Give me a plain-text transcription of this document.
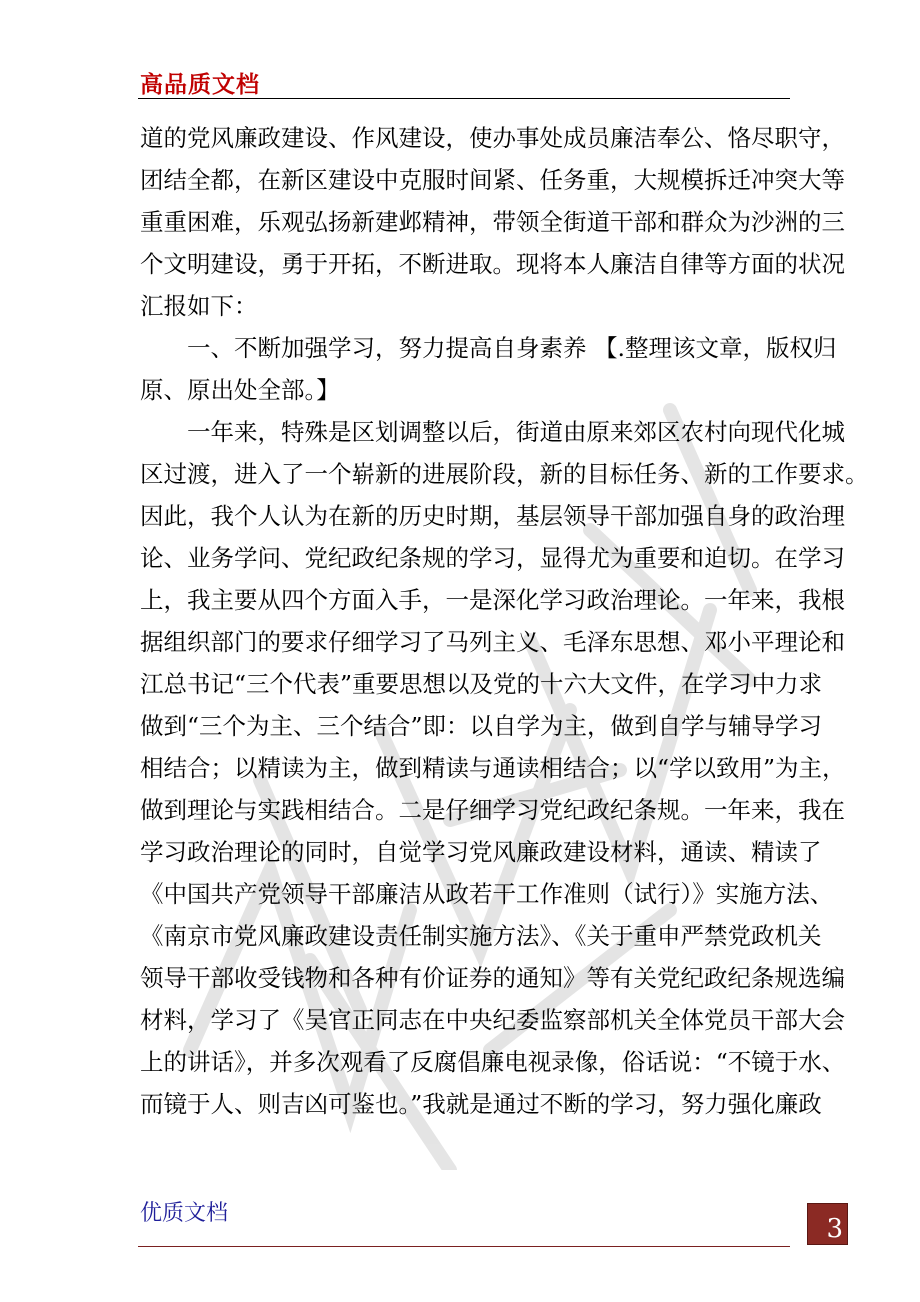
高品质文档
道的党风廉政建设、作风建设，使办事处成员廉洁奉公、恪尽职守，
团结全都，在新区建设中克服时间紧、任务重，大规模拆迁冲突大等
重重困难，乐观弘扬新建邺精神，带领全街道干部和群众为沙洲的三
个文明建设，勇于开拓，不断进取。现将本人廉洁自律等方面的状况
汇报如下：
一、不断加强学习，努力提高自身素养 【.整理该文章，版权归
原、原出处全部。】
一年来，特殊是区划调整以后，街道由原来郊区农村向现代化城
区过渡，进入了一个崭新的进展阶段，新的目标任务、新的工作要求。
因此，我个人认为在新的历史时期，基层领导干部加强自身的政治理
论、业务学问、党纪政纪条规的学习，显得尤为重要和迫切。在学习
上，我主要从四个方面入手，一是深化学习政治理论。一年来，我根
据组织部门的要求仔细学习了马列主义、毛泽东思想、邓小平理论和
江总书记“三个代表”重要思想以及党的十六大文件，在学习中力求
做到“三个为主、三个结合”即：以自学为主，做到自学与辅导学习
相结合；以精读为主，做到精读与通读相结合；以“学以致用”为主，
做到理论与实践相结合。二是仔细学习党纪政纪条规。一年来，我在
学习政治理论的同时，自觉学习党风廉政建设材料，通读、精读了
《中国共产党领导干部廉洁从政若干工作准则（试行）》实施方法、
《南京市党风廉政建设责任制实施方法》、《关于重申严禁党政机关
领导干部收受钱物和各种有价证券的通知》等有关党纪政纪条规选编
材料，学习了《吴官正同志在中央纪委监察部机关全体党员干部大会
上的讲话》，并多次观看了反腐倡廉电视录像，俗话说：“不镜于水、
而镜于人、则吉凶可鉴也。”我就是通过不断的学习，努力强化廉政
优质文档
3
